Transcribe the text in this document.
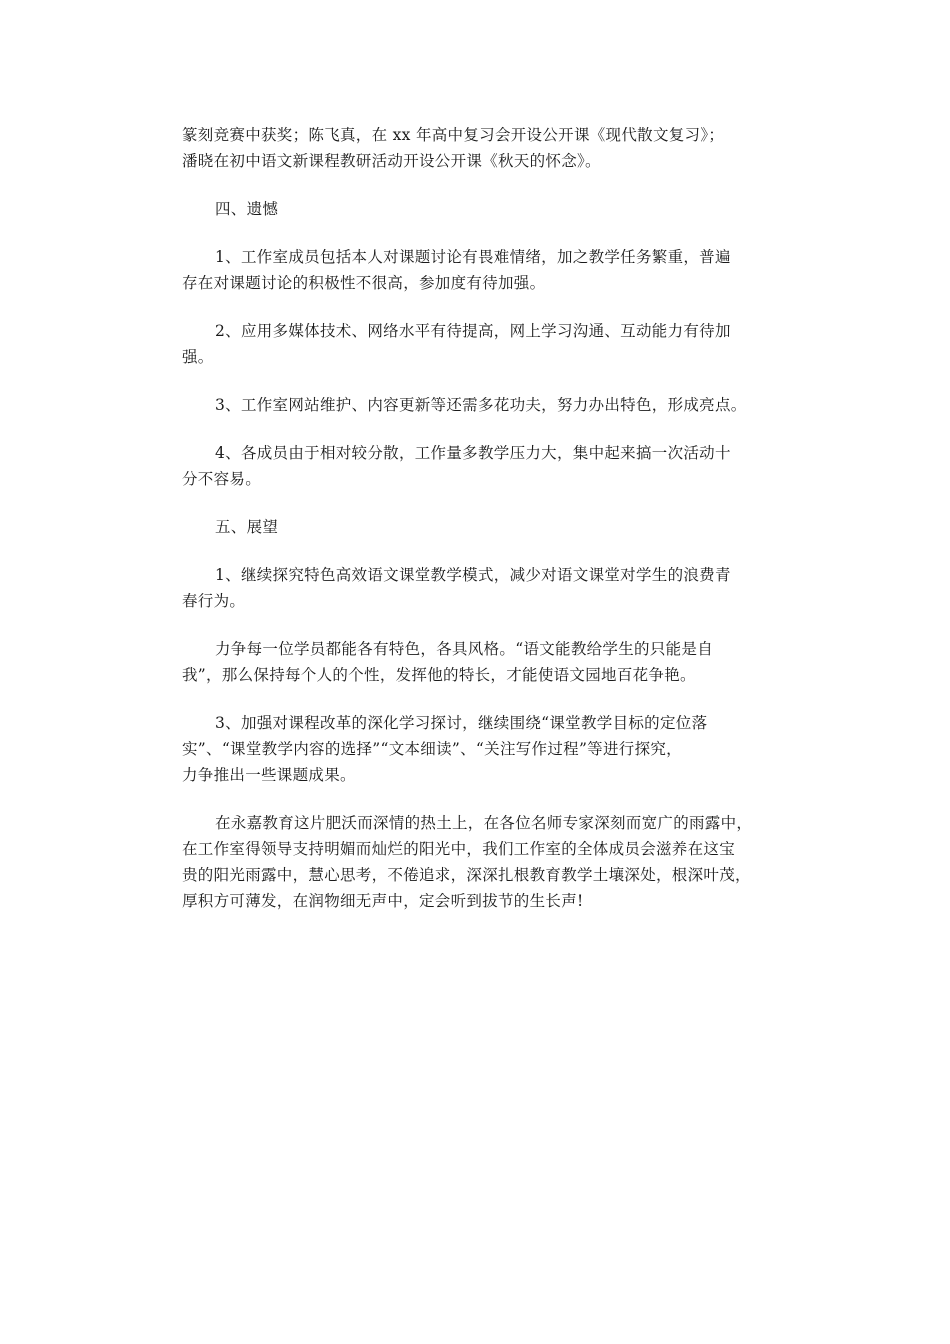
篆刻竞赛中获奖；陈飞真，在 xx 年高中复习会开设公开课《现代散文复习》；
潘晓在初中语文新课程教研活动开设公开课《秋天的怀念》。
四、遗憾
1、工作室成员包括本人对课题讨论有畏难情绪，加之教学任务繁重，普遍
存在对课题讨论的积极性不很高，参加度有待加强。
2、应用多媒体技术、网络水平有待提高，网上学习沟通、互动能力有待加
强。
3、工作室网站维护、内容更新等还需多花功夫，努力办出特色，形成亮点。
4、各成员由于相对较分散，工作量多教学压力大，集中起来搞一次活动十
分不容易。
五、展望
1、继续探究特色高效语文课堂教学模式，减少对语文课堂对学生的浪费青
春行为。
力争每一位学员都能各有特色，各具风格。“语文能教给学生的只能是自
我”，那么保持每个人的个性，发挥他的特长，才能使语文园地百花争艳。
3、加强对课程改革的深化学习探讨，继续围绕“课堂教学目标的定位落
实”、“课堂教学内容的选择”“文本细读”、“关注写作过程”等进行探究，
力争推出一些课题成果。
在永嘉教育这片肥沃而深情的热土上，在各位名师专家深刻而宽广的雨露中，
在工作室得领导支持明媚而灿烂的阳光中，我们工作室的全体成员会滋养在这宝
贵的阳光雨露中，慧心思考，不倦追求，深深扎根教育教学土壤深处，根深叶茂，
厚积方可薄发，在润物细无声中，定会听到拔节的生长声!
